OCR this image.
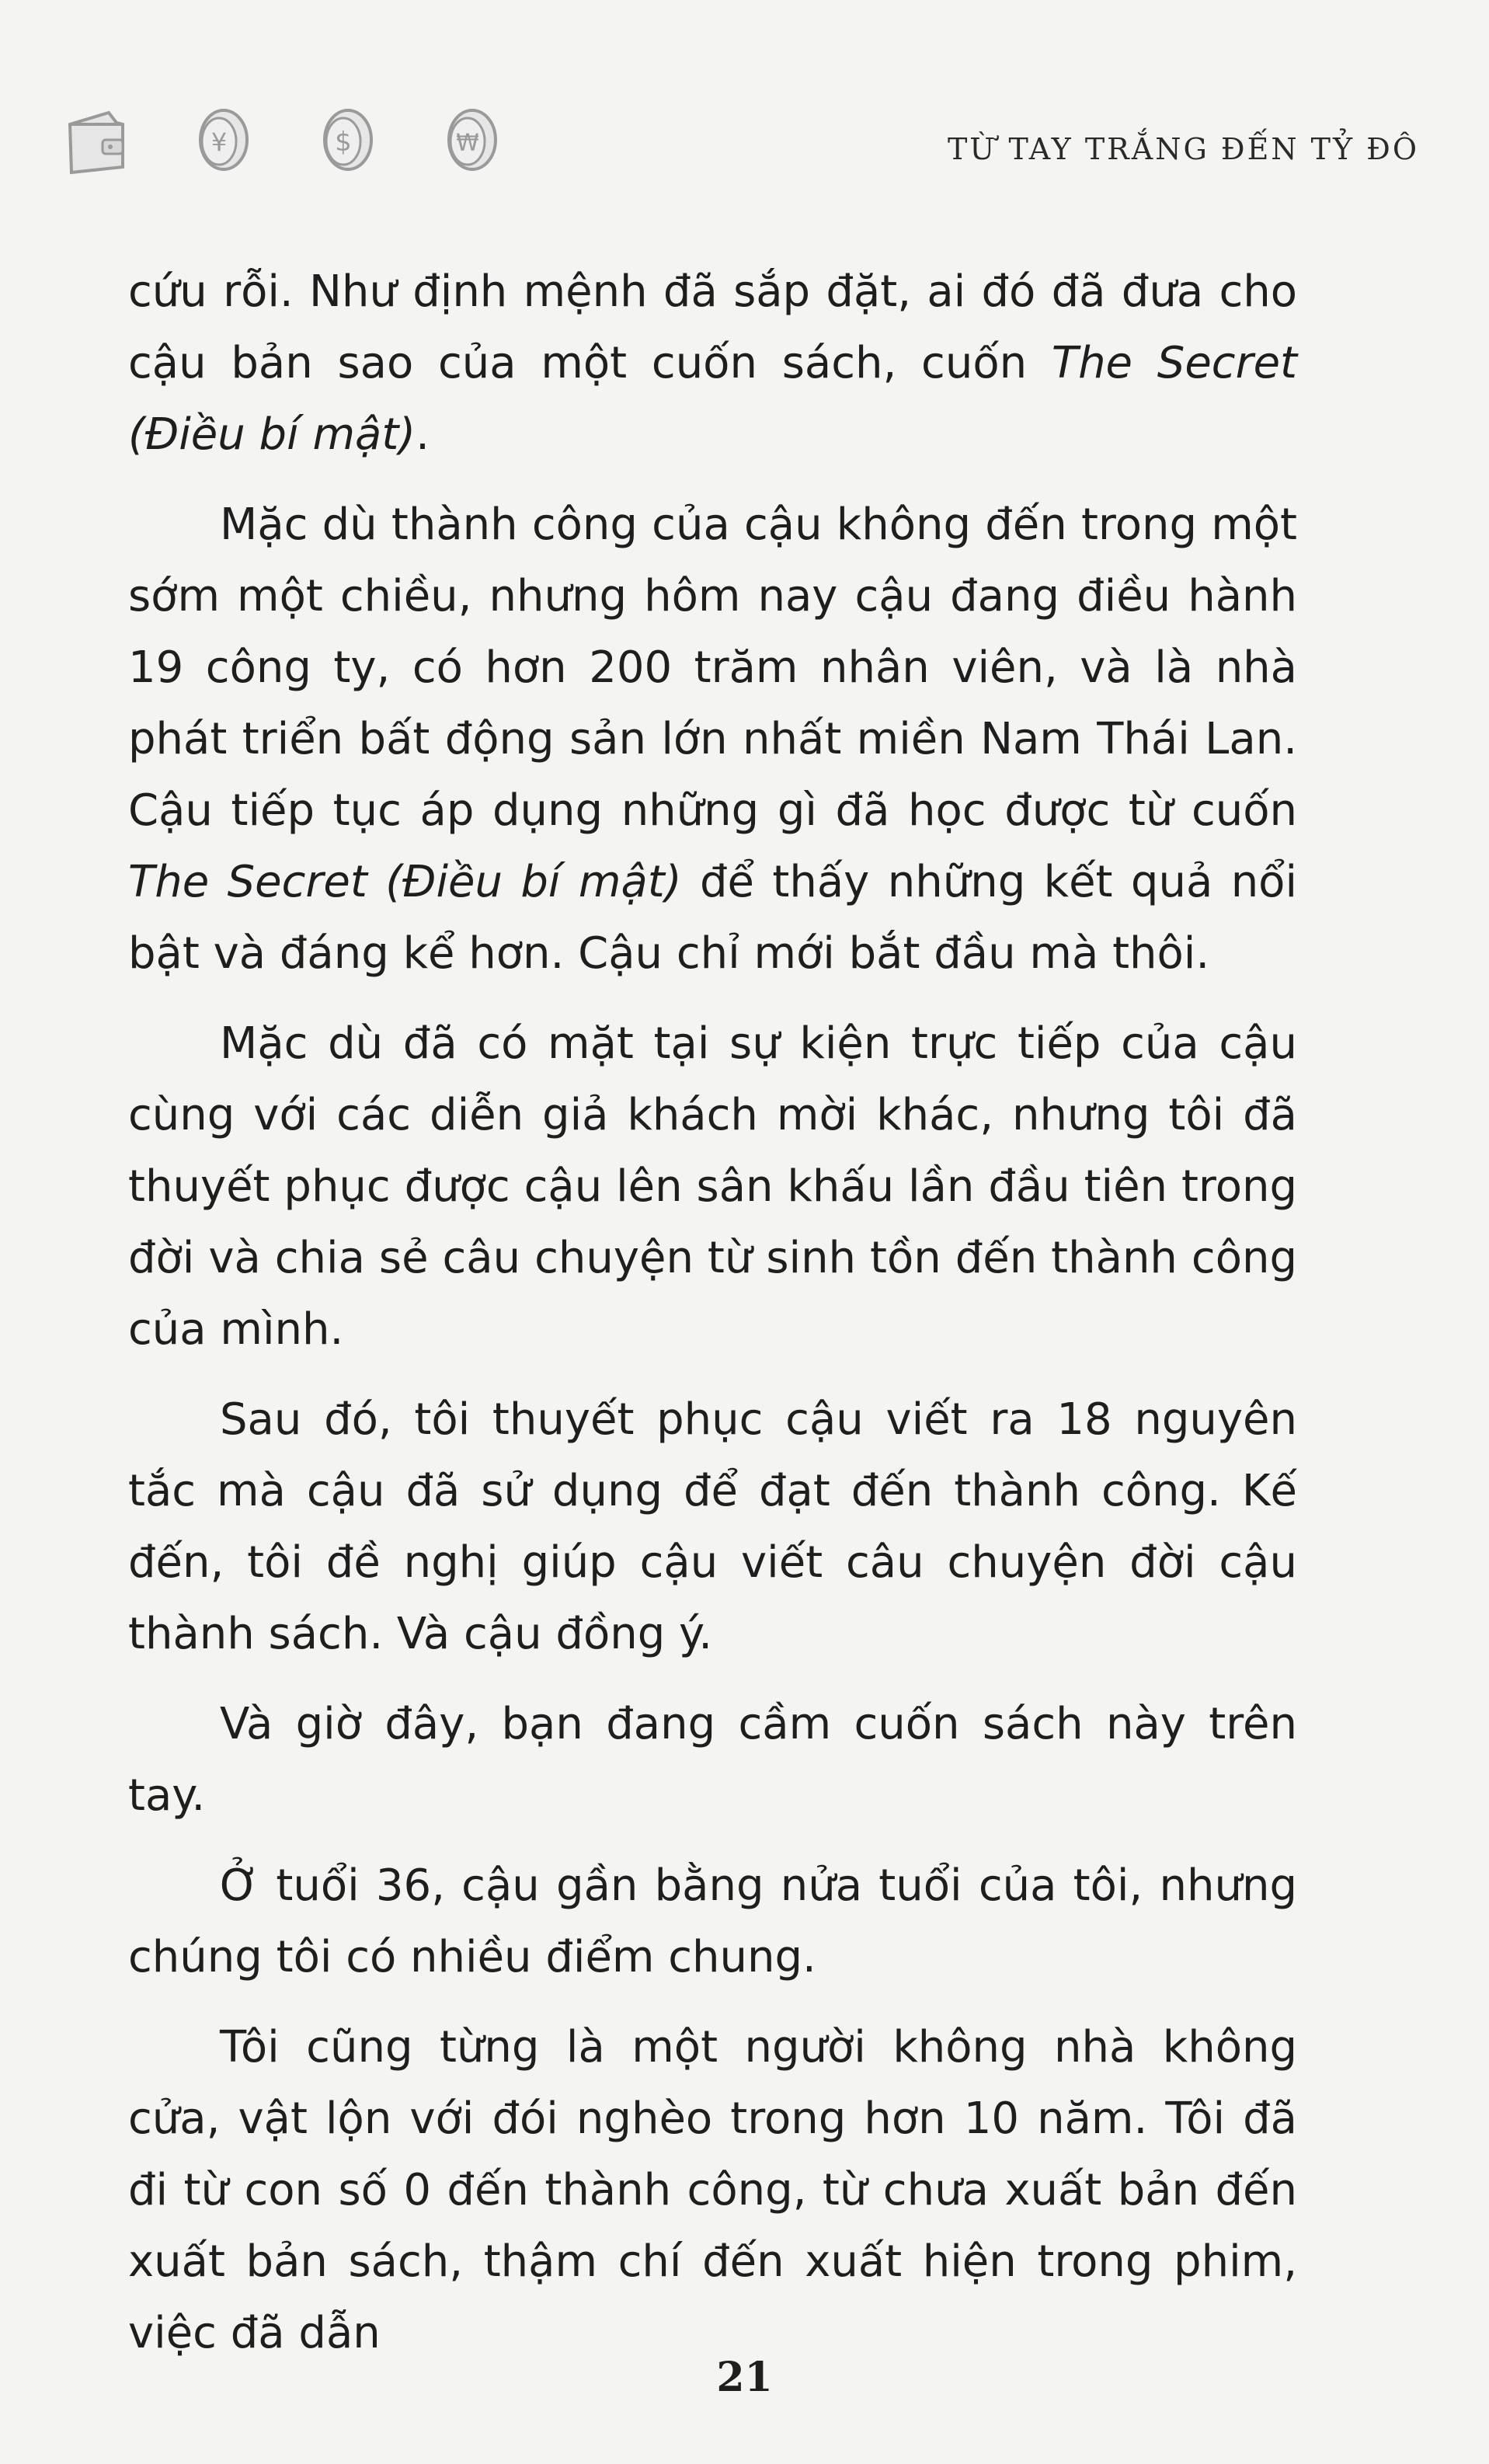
¥	$	₩	TỪ TAY TRẮNG ĐẾN TỶ ĐÔ

cứu rỗi. Như định mệnh đã sắp đặt, ai đó đã đưa cho cậu bản sao của một cuốn sách, cuốn The Secret (Điều bí mật).

Mặc dù thành công của cậu không đến trong một sớm một chiều, nhưng hôm nay cậu đang điều hành 19 công ty, có hơn 200 trăm nhân viên, và là nhà phát triển bất động sản lớn nhất miền Nam Thái Lan. Cậu tiếp tục áp dụng những gì đã học được từ cuốn The Secret (Điều bí mật) để thấy những kết quả nổi bật và đáng kể hơn. Cậu chỉ mới bắt đầu mà thôi.

Mặc dù đã có mặt tại sự kiện trực tiếp của cậu cùng với các diễn giả khách mời khác, nhưng tôi đã thuyết phục được cậu lên sân khấu lần đầu tiên trong đời và chia sẻ câu chuyện từ sinh tồn đến thành công của mình.

Sau đó, tôi thuyết phục cậu viết ra 18 nguyên tắc mà cậu đã sử dụng để đạt đến thành công. Kế đến, tôi đề nghị giúp cậu viết câu chuyện đời cậu thành sách. Và cậu đồng ý.

Và giờ đây, bạn đang cầm cuốn sách này trên tay.

Ở tuổi 36, cậu gần bằng nửa tuổi của tôi, nhưng chúng tôi có nhiều điểm chung.

Tôi cũng từng là một người không nhà không cửa, vật lộn với đói nghèo trong hơn 10 năm. Tôi đã đi từ con số 0 đến thành công, từ chưa xuất bản đến xuất bản sách, thậm chí đến xuất hiện trong phim, việc đã dẫn

21
